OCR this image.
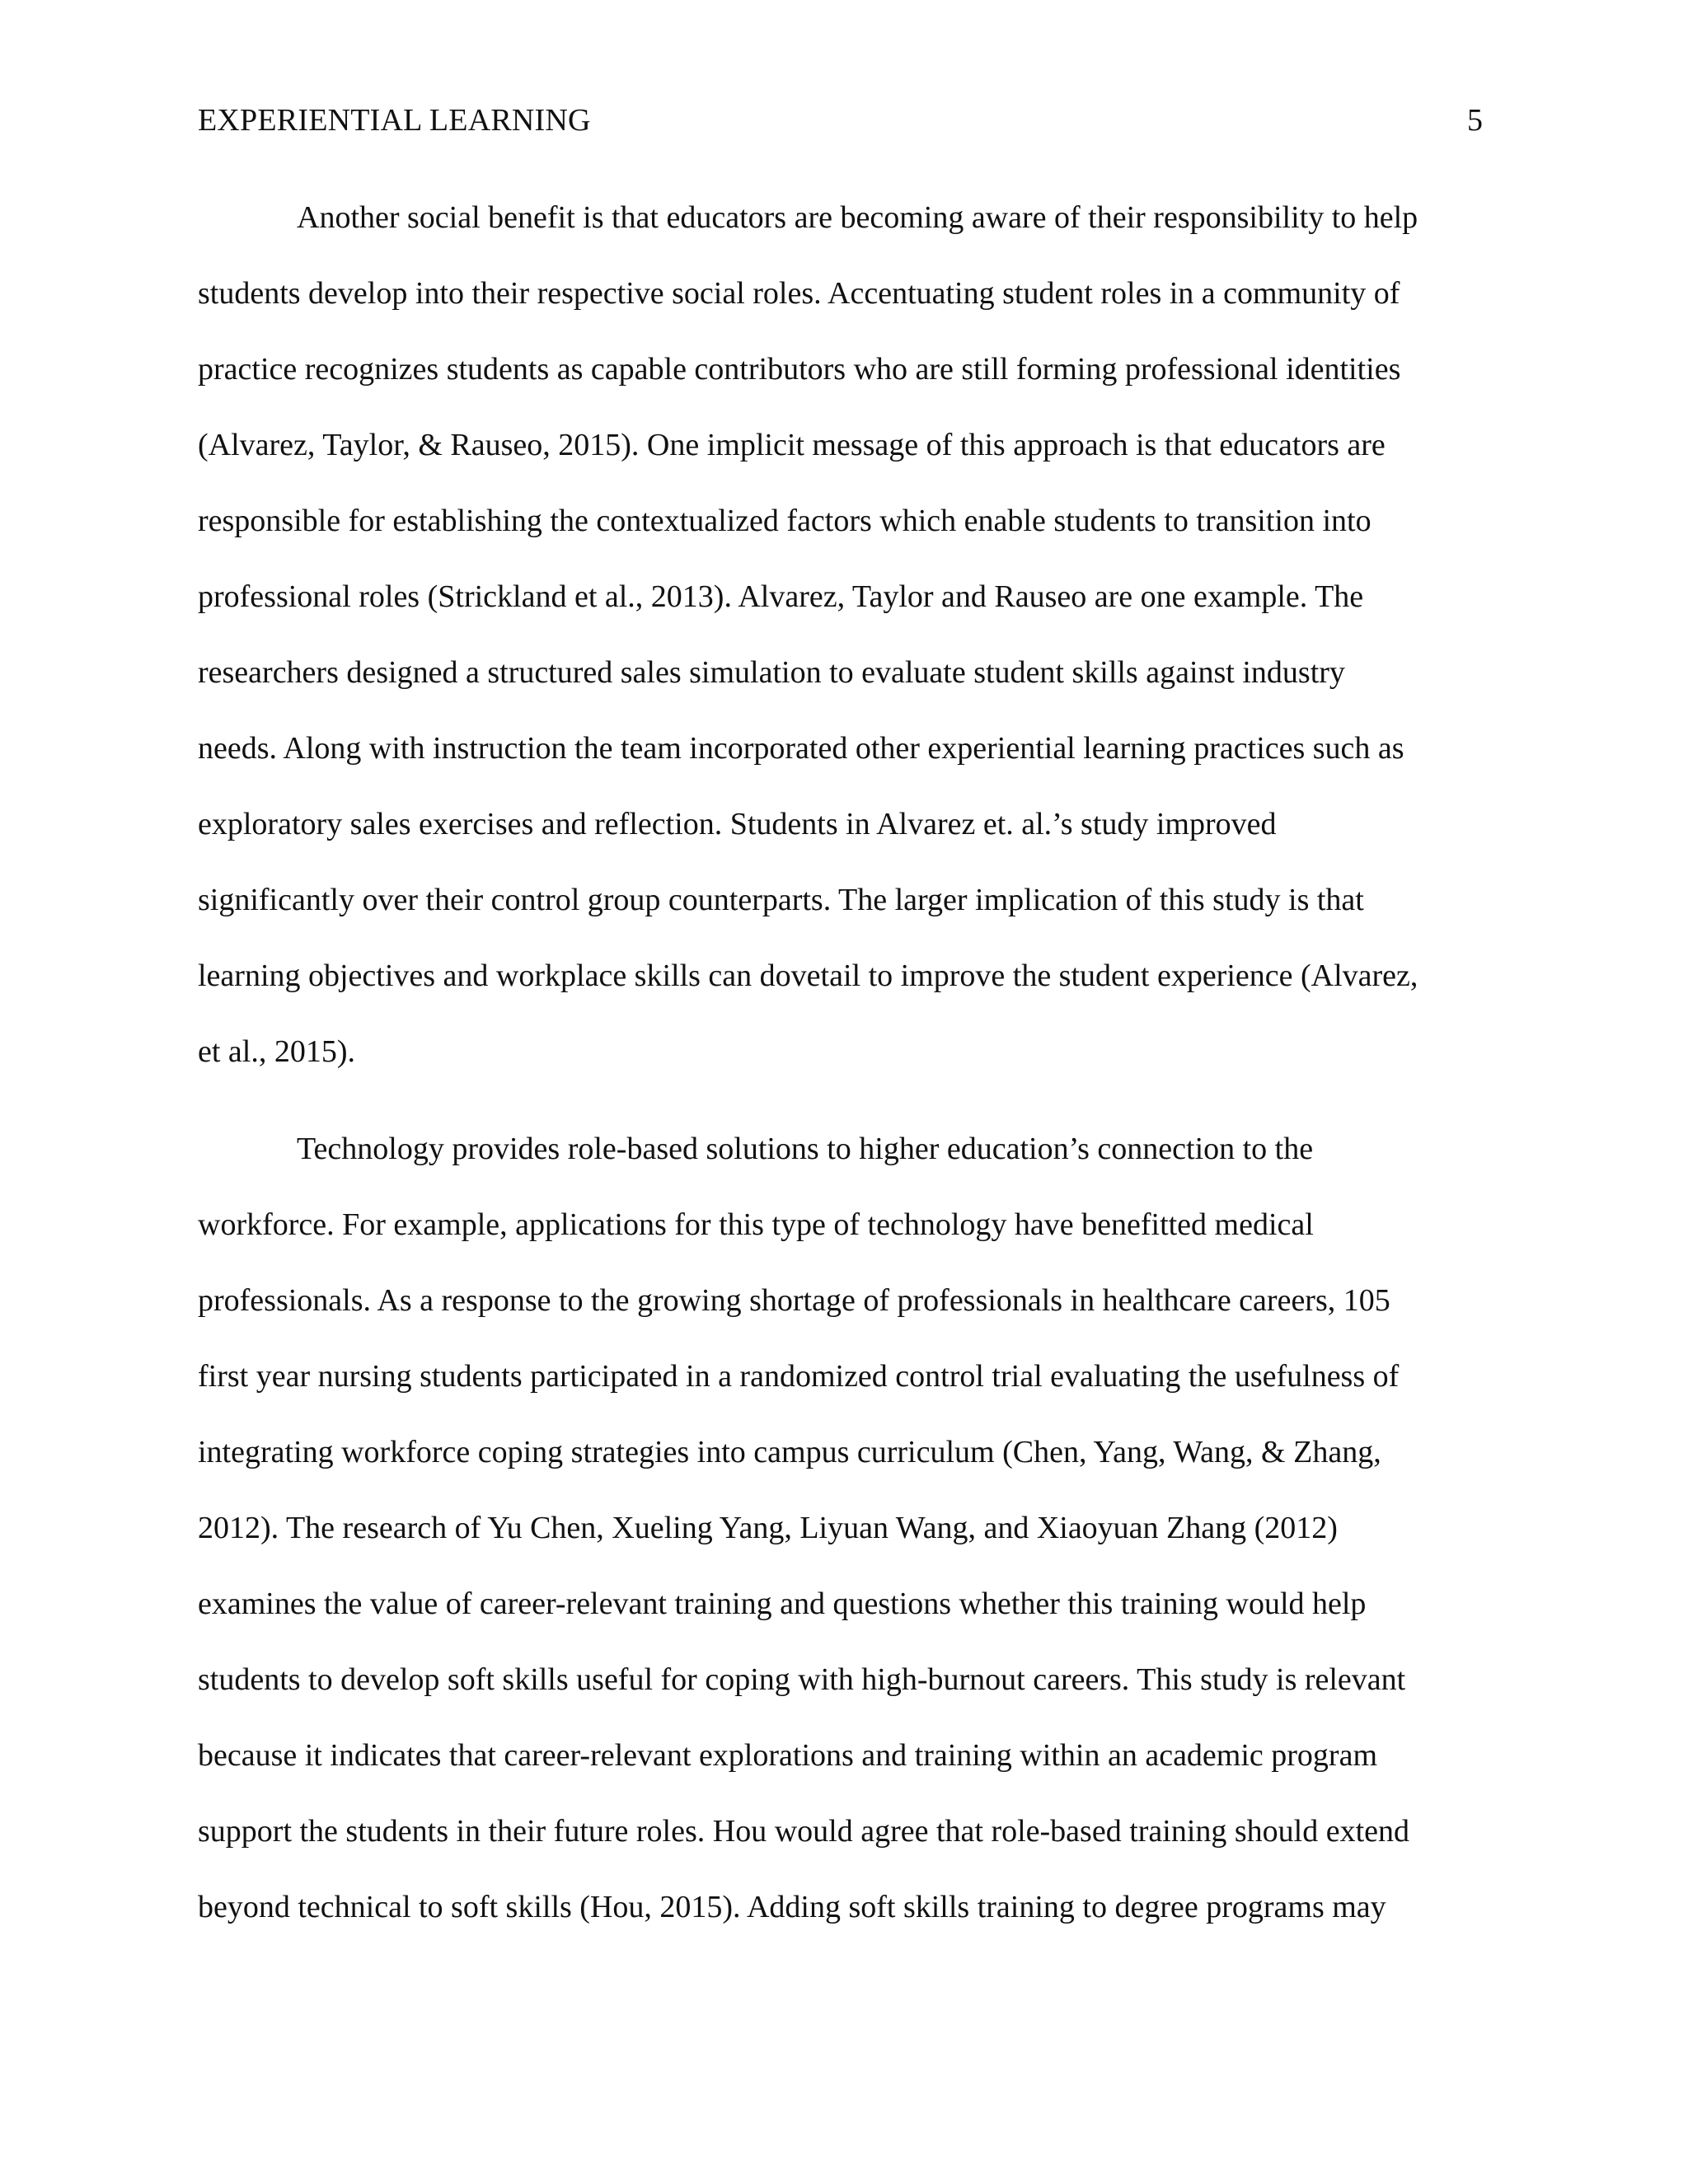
EXPERIENTIAL LEARNING	5
Another social benefit is that educators are becoming aware of their responsibility to help
students develop into their respective social roles. Accentuating student roles in a community of
practice recognizes students as capable contributors who are still forming professional identities
(Alvarez, Taylor, & Rauseo, 2015). One implicit message of this approach is that educators are
responsible for establishing the contextualized factors which enable students to transition into
professional roles (Strickland et al., 2013). Alvarez, Taylor and Rauseo are one example. The
researchers designed a structured sales simulation to evaluate student skills against industry
needs. Along with instruction the team incorporated other experiential learning practices such as
exploratory sales exercises and reflection. Students in Alvarez et. al.’s study improved
significantly over their control group counterparts. The larger implication of this study is that
learning objectives and workplace skills can dovetail to improve the student experience (Alvarez,
et al., 2015).
Technology provides role-based solutions to higher education’s connection to the
workforce. For example, applications for this type of technology have benefitted medical
professionals. As a response to the growing shortage of professionals in healthcare careers, 105
first year nursing students participated in a randomized control trial evaluating the usefulness of
integrating workforce coping strategies into campus curriculum (Chen, Yang, Wang, & Zhang,
2012). The research of Yu Chen, Xueling Yang, Liyuan Wang, and Xiaoyuan Zhang (2012)
examines the value of career-relevant training and questions whether this training would help
students to develop soft skills useful for coping with high-burnout careers. This study is relevant
because it indicates that career-relevant explorations and training within an academic program
support the students in their future roles. Hou would agree that role-based training should extend
beyond technical to soft skills (Hou, 2015). Adding soft skills training to degree programs may
